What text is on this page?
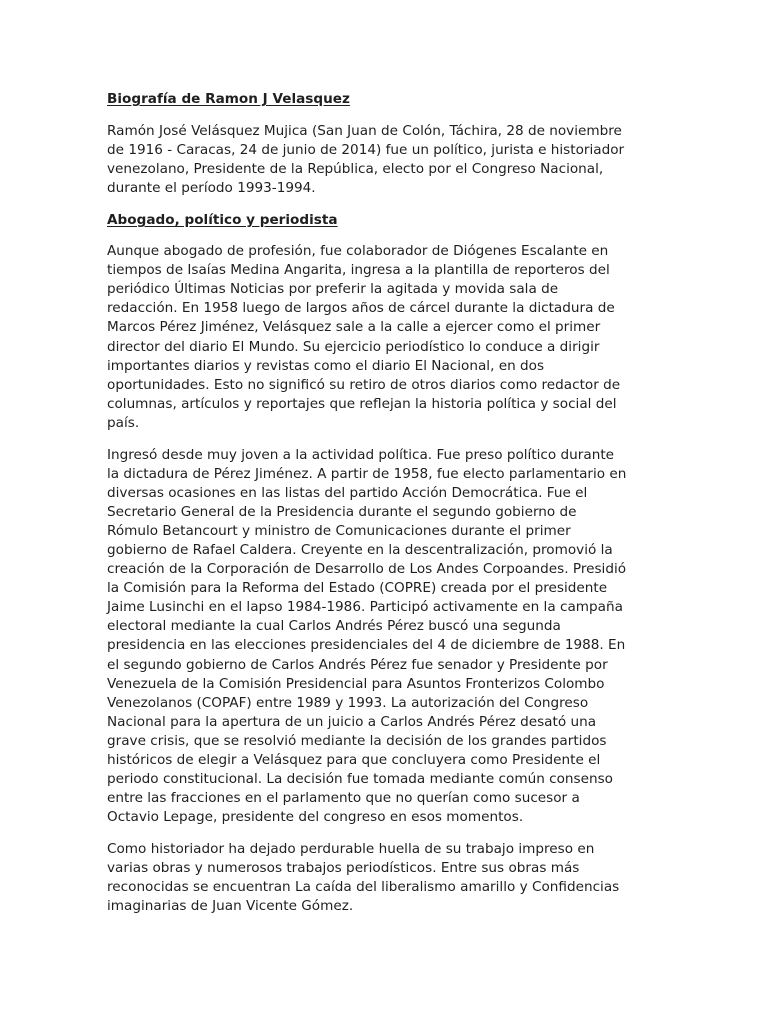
Biografía de Ramon J Velasquez

Ramón José Velásquez Mujica (San Juan de Colón, Táchira, 28 de noviembre de 1916 - Caracas, 24 de junio de 2014) fue un político, jurista e historiador venezolano, Presidente de la República, electo por el Congreso Nacional, durante el período 1993-1994.

Abogado, político y periodista

Aunque abogado de profesión, fue colaborador de Diógenes Escalante en tiempos de Isaías Medina Angarita, ingresa a la plantilla de reporteros del periódico Últimas Noticias por preferir la agitada y movida sala de redacción. En 1958 luego de largos años de cárcel durante la dictadura de Marcos Pérez Jiménez, Velásquez sale a la calle a ejercer como el primer director del diario El Mundo. Su ejercicio periodístico lo conduce a dirigir importantes diarios y revistas como el diario El Nacional, en dos oportunidades. Esto no significó su retiro de otros diarios como redactor de columnas, artículos y reportajes que reflejan la historia política y social del país.

Ingresó desde muy joven a la actividad política. Fue preso político durante la dictadura de Pérez Jiménez. A partir de 1958, fue electo parlamentario en diversas ocasiones en las listas del partido Acción Democrática. Fue el Secretario General de la Presidencia durante el segundo gobierno de Rómulo Betancourt y ministro de Comunicaciones durante el primer gobierno de Rafael Caldera. Creyente en la descentralización, promovió la creación de la Corporación de Desarrollo de Los Andes Corpoandes. Presidió la Comisión para la Reforma del Estado (COPRE) creada por el presidente Jaime Lusinchi en el lapso 1984-1986. Participó activamente en la campaña electoral mediante la cual Carlos Andrés Pérez buscó una segunda presidencia en las elecciones presidenciales del 4 de diciembre de 1988. En el segundo gobierno de Carlos Andrés Pérez fue senador y Presidente por Venezuela de la Comisión Presidencial para Asuntos Fronterizos Colombo Venezolanos (COPAF) entre 1989 y 1993. La autorización del Congreso Nacional para la apertura de un juicio a Carlos Andrés Pérez desató una grave crisis, que se resolvió mediante la decisión de los grandes partidos históricos de elegir a Velásquez para que concluyera como Presidente el periodo constitucional. La decisión fue tomada mediante común consenso entre las fracciones en el parlamento que no querían como sucesor a Octavio Lepage, presidente del congreso en esos momentos.

Como historiador ha dejado perdurable huella de su trabajo impreso en varias obras y numerosos trabajos periodísticos. Entre sus obras más reconocidas se encuentran La caída del liberalismo amarillo y Confidencias imaginarias de Juan Vicente Gómez.
